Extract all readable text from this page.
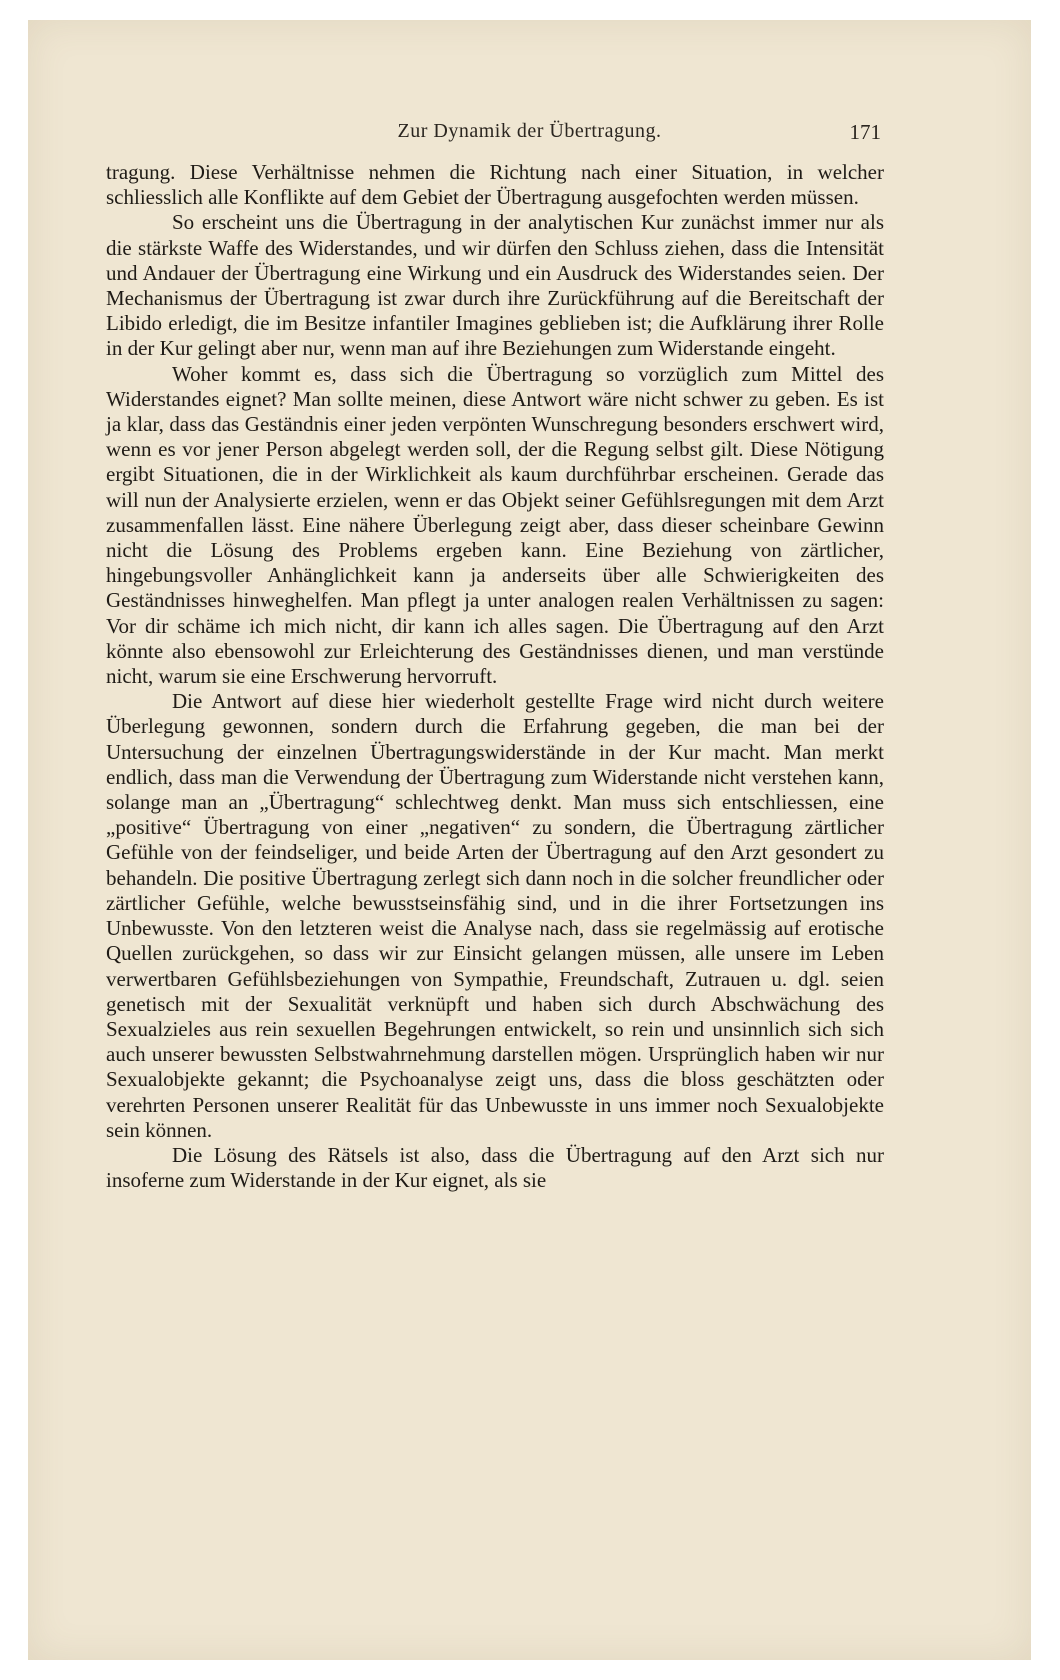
Zur Dynamik der Übertragung.	171

tragung. Diese Verhältnisse nehmen die Richtung nach einer Situation, in welcher schliesslich alle Konflikte auf dem Gebiet der Übertragung ausgefochten werden müssen.

So erscheint uns die Übertragung in der analytischen Kur zunächst immer nur als die stärkste Waffe des Widerstandes, und wir dürfen den Schluss ziehen, dass die Intensität und Andauer der Übertragung eine Wirkung und ein Ausdruck des Widerstandes seien. Der Mechanismus der Übertragung ist zwar durch ihre Zurückführung auf die Bereitschaft der Libido erledigt, die im Besitze infantiler Imagines geblieben ist; die Aufklärung ihrer Rolle in der Kur gelingt aber nur, wenn man auf ihre Beziehungen zum Widerstande eingeht.

Woher kommt es, dass sich die Übertragung so vorzüglich zum Mittel des Widerstandes eignet? Man sollte meinen, diese Antwort wäre nicht schwer zu geben. Es ist ja klar, dass das Geständnis einer jeden verpönten Wunschregung besonders erschwert wird, wenn es vor jener Person abgelegt werden soll, der die Regung selbst gilt. Diese Nötigung ergibt Situationen, die in der Wirklichkeit als kaum durchführbar erscheinen. Gerade das will nun der Analysierte erzielen, wenn er das Objekt seiner Gefühlsregungen mit dem Arzt zusammenfallen lässt. Eine nähere Überlegung zeigt aber, dass dieser scheinbare Gewinn nicht die Lösung des Problems ergeben kann. Eine Beziehung von zärtlicher, hingebungsvoller Anhänglichkeit kann ja anderseits über alle Schwierigkeiten des Geständnisses hinweghelfen. Man pflegt ja unter analogen realen Verhältnissen zu sagen: Vor dir schäme ich mich nicht, dir kann ich alles sagen. Die Übertragung auf den Arzt könnte also ebensowohl zur Erleichterung des Geständnisses dienen, und man verstünde nicht, warum sie eine Erschwerung hervorruft.

Die Antwort auf diese hier wiederholt gestellte Frage wird nicht durch weitere Überlegung gewonnen, sondern durch die Erfahrung gegeben, die man bei der Untersuchung der einzelnen Übertragungswiderstände in der Kur macht. Man merkt endlich, dass man die Verwendung der Übertragung zum Widerstande nicht verstehen kann, solange man an „Übertragung“ schlechtweg denkt. Man muss sich entschliessen, eine „positive“ Übertragung von einer „negativen“ zu sondern, die Übertragung zärtlicher Gefühle von der feindseliger, und beide Arten der Übertragung auf den Arzt gesondert zu behandeln. Die positive Übertragung zerlegt sich dann noch in die solcher freundlicher oder zärtlicher Gefühle, welche bewusstseinsfähig sind, und in die ihrer Fortsetzungen ins Unbewusste. Von den letzteren weist die Analyse nach, dass sie regelmässig auf erotische Quellen zurückgehen, so dass wir zur Einsicht gelangen müssen, alle unsere im Leben verwertbaren Gefühlsbeziehungen von Sympathie, Freundschaft, Zutrauen u. dgl. seien genetisch mit der Sexualität verknüpft und haben sich durch Abschwächung des Sexualzieles aus rein sexuellen Begehrungen entwickelt, so rein und unsinnlich sich sich auch unserer bewussten Selbstwahrnehmung darstellen mögen. Ursprünglich haben wir nur Sexualobjekte gekannt; die Psychoanalyse zeigt uns, dass die bloss geschätzten oder verehrten Personen unserer Realität für das Unbewusste in uns immer noch Sexualobjekte sein können.

Die Lösung des Rätsels ist also, dass die Übertragung auf den Arzt sich nur insoferne zum Widerstande in der Kur eignet, als sie
